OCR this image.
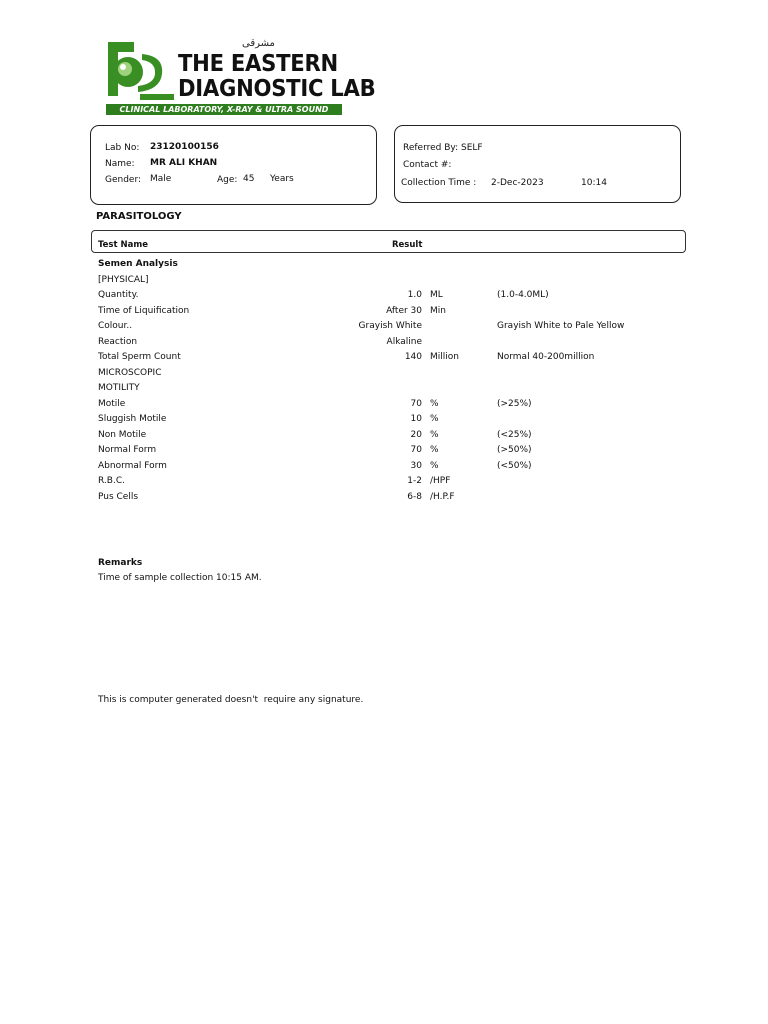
مشرقی
THE EASTERN
DIAGNOSTIC LAB
CLINICAL LABORATORY, X-RAY & ULTRA SOUND
Lab No: 23120100156
Name: MR ALI KHAN
Gender: Male	Age: 45 Years
Referred By: SELF
Contact #:
Collection Time : 2-Dec-2023	10:14
PARASITOLOGY
Test Name	Result
Semen Analysis
[PHYSICAL]
Quantity.	1.0 ML	(1.0-4.0ML)
Time of Liquification	After 30 Min
Colour..	Grayish White	Grayish White to Pale Yellow
Reaction	Alkaline
Total Sperm Count	140 Million	Normal 40-200million
MICROSCOPIC
MOTILITY
Motile	70 %	(>25%)
Sluggish Motile	10 %
Non Motile	20 %	(<25%)
Normal Form	70 %	(>50%)
Abnormal Form	30 %	(<50%)
R.B.C.	1-2 /HPF
Pus Cells	6-8 /H.P.F
Remarks
Time of sample collection 10:15 AM.
This is computer generated doesn't  require any signature.
